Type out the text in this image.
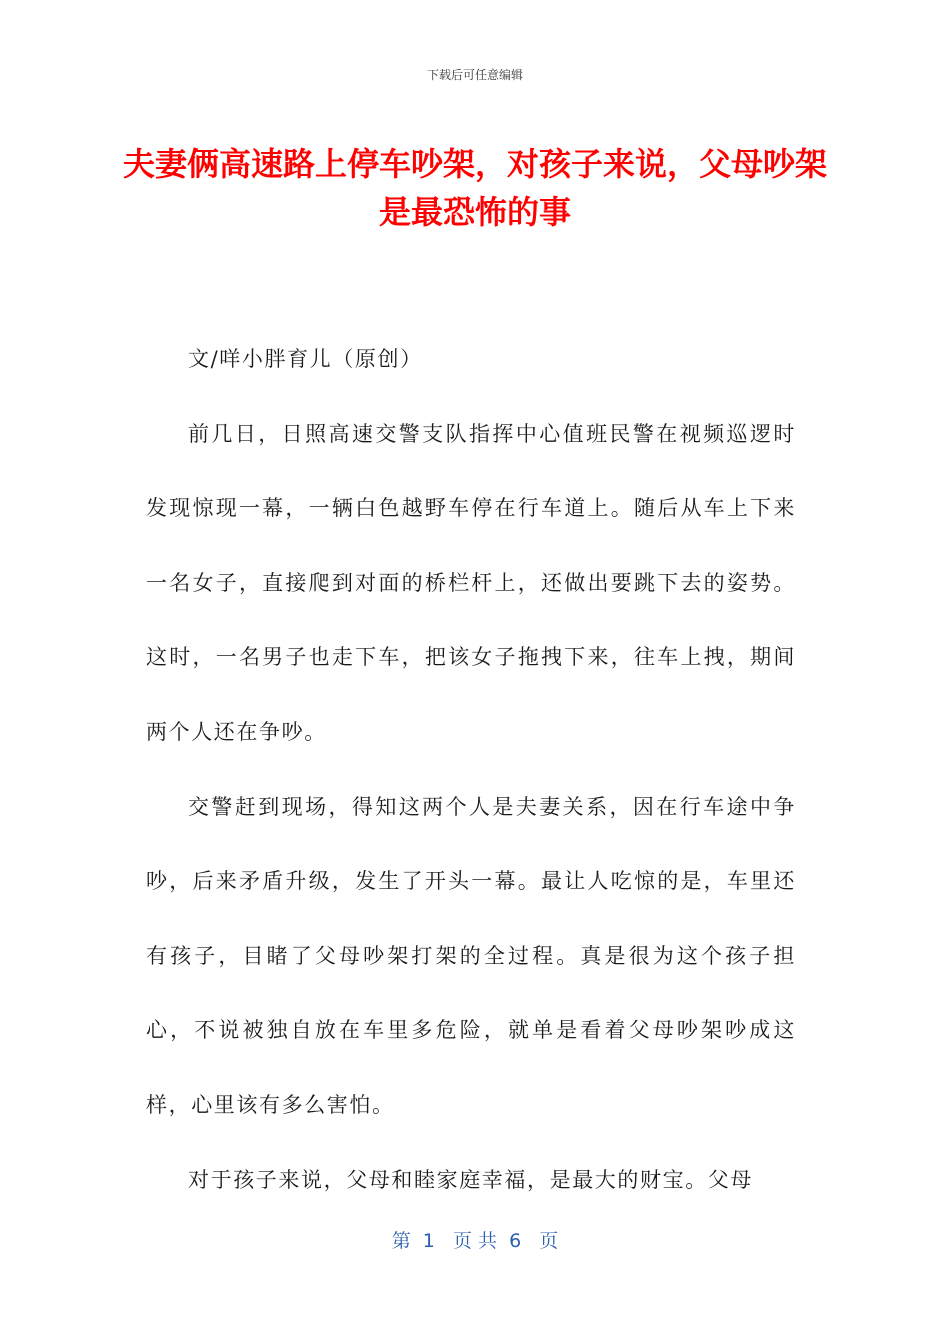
下载后可任意编辑
夫妻俩高速路上停车吵架，对孩子来说，父母吵架是最恐怖的事

文/咩小胖育儿（原创）

前几日，日照高速交警支队指挥中心值班民警在视频巡逻时发现惊现一幕，一辆白色越野车停在行车道上。随后从车上下来一名女子，直接爬到对面的桥栏杆上，还做出要跳下去的姿势。这时，一名男子也走下车，把该女子拖拽下来，往车上拽，期间两个人还在争吵。

交警赶到现场，得知这两个人是夫妻关系，因在行车途中争吵，后来矛盾升级，发生了开头一幕。最让人吃惊的是，车里还有孩子，目睹了父母吵架打架的全过程。真是很为这个孩子担心，不说被独自放在车里多危险，就单是看着父母吵架吵成这样，心里该有多么害怕。

对于孩子来说，父母和睦家庭幸福，是最大的财宝。父母

第  1   页 共  6   页
